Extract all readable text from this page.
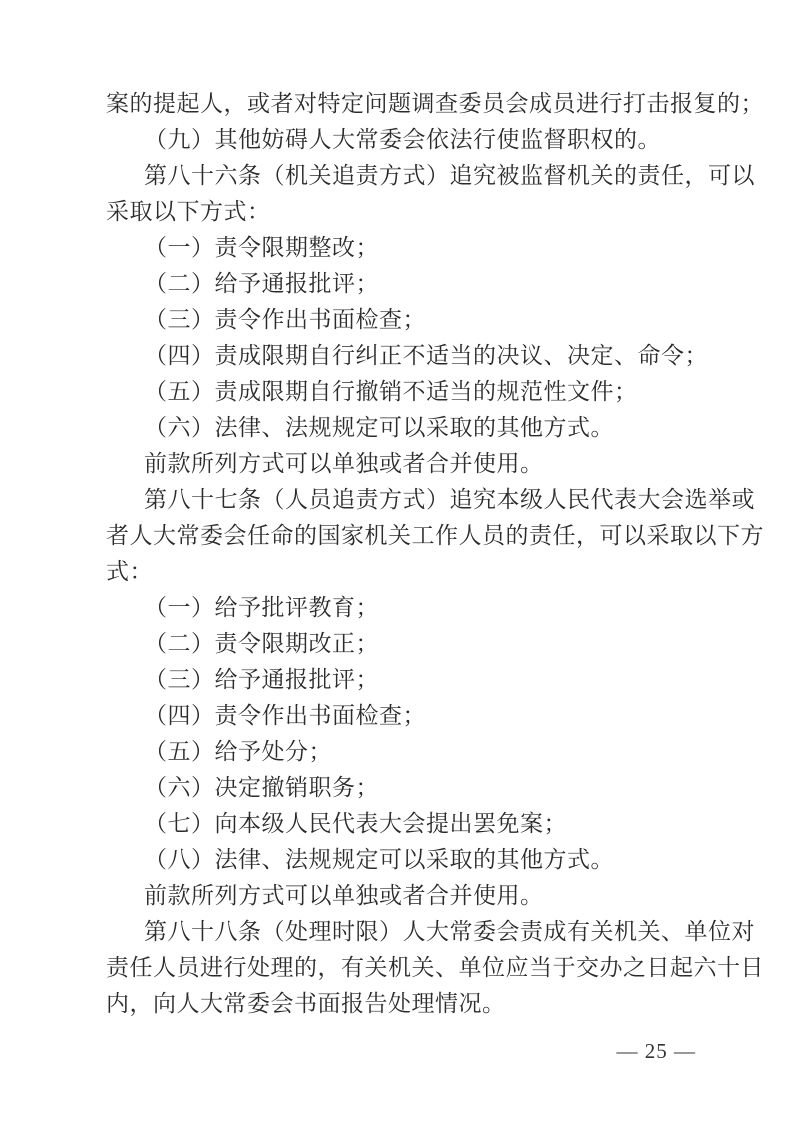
案的提起人，或者对特定问题调查委员会成员进行打击报复的；
（九）其他妨碍人大常委会依法行使监督职权的。
第八十六条（机关追责方式）追究被监督机关的责任，可以
采取以下方式：
（一）责令限期整改；
（二）给予通报批评；
（三）责令作出书面检查；
（四）责成限期自行纠正不适当的决议、决定、命令；
（五）责成限期自行撤销不适当的规范性文件；
（六）法律、法规规定可以采取的其他方式。
前款所列方式可以单独或者合并使用。
第八十七条（人员追责方式）追究本级人民代表大会选举或
者人大常委会任命的国家机关工作人员的责任，可以采取以下方
式：
（一）给予批评教育；
（二）责令限期改正；
（三）给予通报批评；
（四）责令作出书面检查；
（五）给予处分；
（六）决定撤销职务；
（七）向本级人民代表大会提出罢免案；
（八）法律、法规规定可以采取的其他方式。
前款所列方式可以单独或者合并使用。
第八十八条（处理时限）人大常委会责成有关机关、单位对
责任人员进行处理的，有关机关、单位应当于交办之日起六十日
内，向人大常委会书面报告处理情况。
— 25 —
